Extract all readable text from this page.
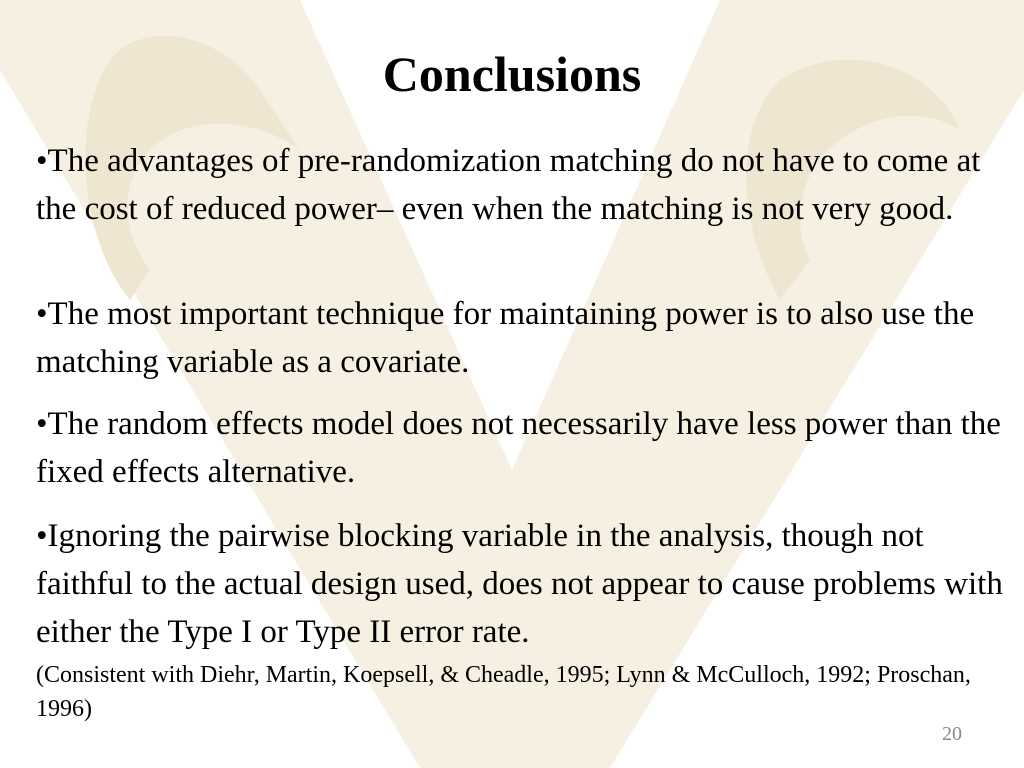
Conclusions

•The advantages of pre-randomization matching do not have to come at the cost of reduced power– even when the matching is not very good.

•The most important technique for maintaining power is to also use the matching variable as a covariate.

•The random effects model does not necessarily have less power than the fixed effects alternative.

•Ignoring the pairwise blocking variable in the analysis, though not faithful to the actual design used, does not appear to cause problems with either the Type I or Type II error rate.
(Consistent with Diehr, Martin, Koepsell, & Cheadle, 1995; Lynn & McCulloch, 1992; Proschan, 1996)

20
